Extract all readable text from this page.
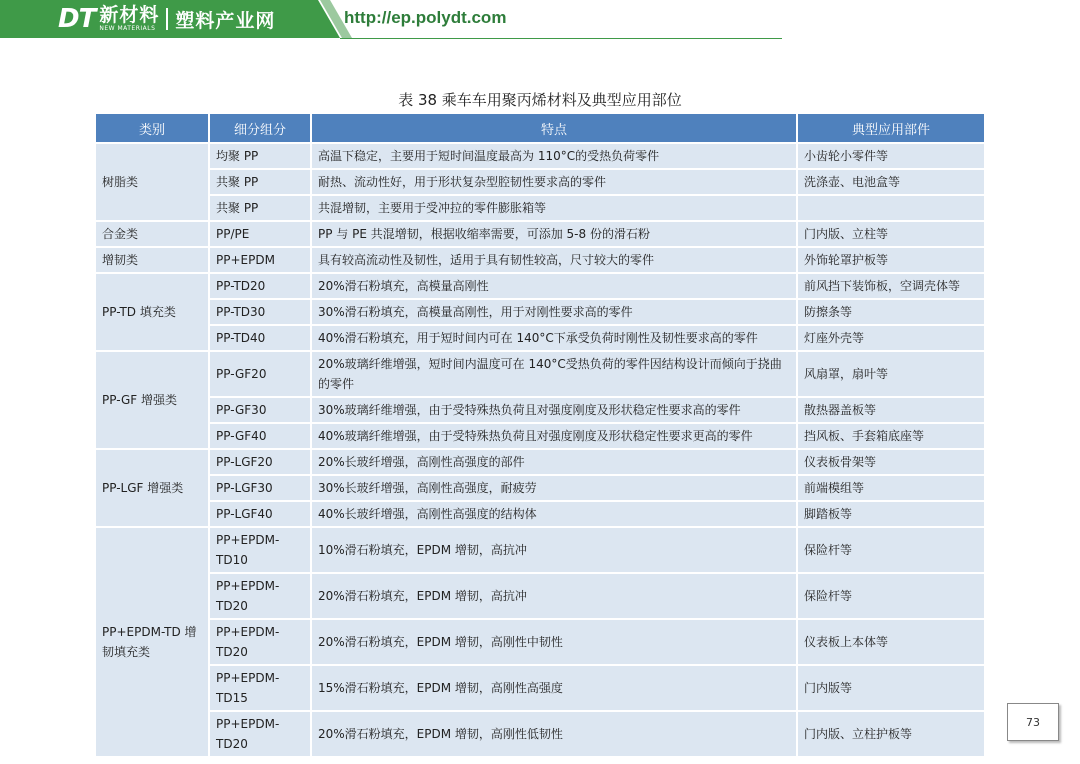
DT 新材料
NEW MATERIALS 塑料产业网	http://ep.polydt.com
表 38 乘车车用聚丙烯材料及典型应用部位
类别	细分组分	特点	典型应用部件
树脂类	均聚 PP	高温下稳定，主要用于短时间温度最高为 110°C的受热负荷零件	小齿轮小零件等
	共聚 PP	耐热、流动性好，用于形状复杂型腔韧性要求高的零件	洗涤壶、电池盒等
	共聚 PP	共混增韧，主要用于受冲拉的零件膨胀箱等	
合金类	PP/PE	PP 与 PE 共混增韧，根据收缩率需要，可添加 5-8 份的滑石粉	门内版、立柱等
增韧类	PP+EPDM	具有较高流动性及韧性，适用于具有韧性较高，尺寸较大的零件	外饰轮罩护板等
PP-TD 填充类	PP-TD20	20%滑石粉填充，高模量高刚性	前风挡下装饰板，空调壳体等
	PP-TD30	30%滑石粉填充，高模量高刚性，用于对刚性要求高的零件	防擦条等
	PP-TD40	40%滑石粉填充，用于短时间内可在 140°C下承受负荷时刚性及韧性要求高的零件	灯座外壳等
PP-GF 增强类	PP-GF20	20%玻璃纤维增强，短时间内温度可在 140°C受热负荷的零件因结构设计而倾向于挠曲的零件	风扇罩，扇叶等
	PP-GF30	30%玻璃纤维增强，由于受特殊热负荷且对强度刚度及形状稳定性要求高的零件	散热器盖板等
	PP-GF40	40%玻璃纤维增强，由于受特殊热负荷且对强度刚度及形状稳定性要求更高的零件	挡风板、手套箱底座等
PP-LGF 增强类	PP-LGF20	20%长玻纤增强，高刚性高强度的部件	仪表板骨架等
	PP-LGF30	30%长玻纤增强，高刚性高强度，耐疲劳	前端模组等
	PP-LGF40	40%长玻纤增强，高刚性高强度的结构体	脚踏板等
PP+EPDM-TD 增韧填充类	PP+EPDM-TD10	10%滑石粉填充，EPDM 增韧，高抗冲	保险杆等
	PP+EPDM-TD20	20%滑石粉填充，EPDM 增韧，高抗冲	保险杆等
	PP+EPDM-TD20	20%滑石粉填充，EPDM 增韧，高刚性中韧性	仪表板上本体等
	PP+EPDM-TD15	15%滑石粉填充，EPDM 增韧，高刚性高强度	门内版等
	PP+EPDM-TD20	20%滑石粉填充，EPDM 增韧，高刚性低韧性	门内版、立柱护板等
73
